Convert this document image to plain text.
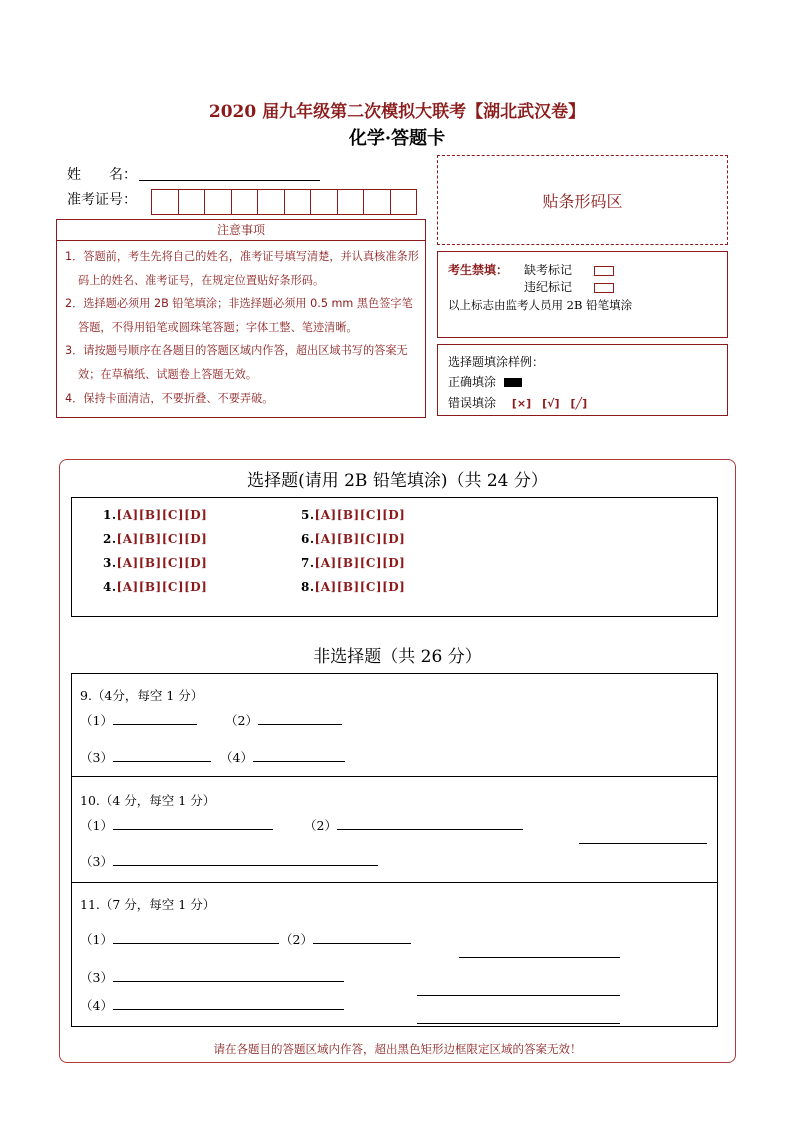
2020 届九年级第二次模拟大联考【湖北武汉卷】
化学·答题卡
姓　　名：
准考证号：	贴条形码区
注意事项

1．答题前，考生先将自己的姓名，准考证号填写清楚，并认真核准条形码上的姓名、准考证号，在规定位置贴好条形码。

2．选择题必须用 2B 铅笔填涂；非选择题必须用 0.5 mm 黑色签字笔答题，不得用铅笔或圆珠笔答题；字体工整、笔迹清晰。

3．请按题号顺序在各题目的答题区域内作答，超出区域书写的答案无效；在草稿纸、试题卷上答题无效。

4．保持卡面清洁，不要折叠、不要弄破。

考生禁填： 缺考标记
违纪标记
以上标志由监考人员用 2B 铅笔填涂
选择题填涂样例：
正确填涂
错误填涂 [×]　[√]　[╱]
选择题(请用 2B 铅笔填涂)（共 24 分）
1.[A][B][C][D]
2.[A][B][C][D]
3.[A][B][C][D]
4.[A][B][C][D]
5.[A][B][C][D]
6.[A][B][C][D]
7.[A][B][C][D]
8.[A][B][C][D]
非选择题（共 26 分）
9.（4分，每空 1 分）
（1）	（2）
（3）	（4）
10.（4 分，每空 1 分）
（1）	（2）
（3）
11.（7 分，每空 1 分）
（1）	（2）
（3）
（4）
请在各题目的答题区域内作答，超出黑色矩形边框限定区域的答案无效！
